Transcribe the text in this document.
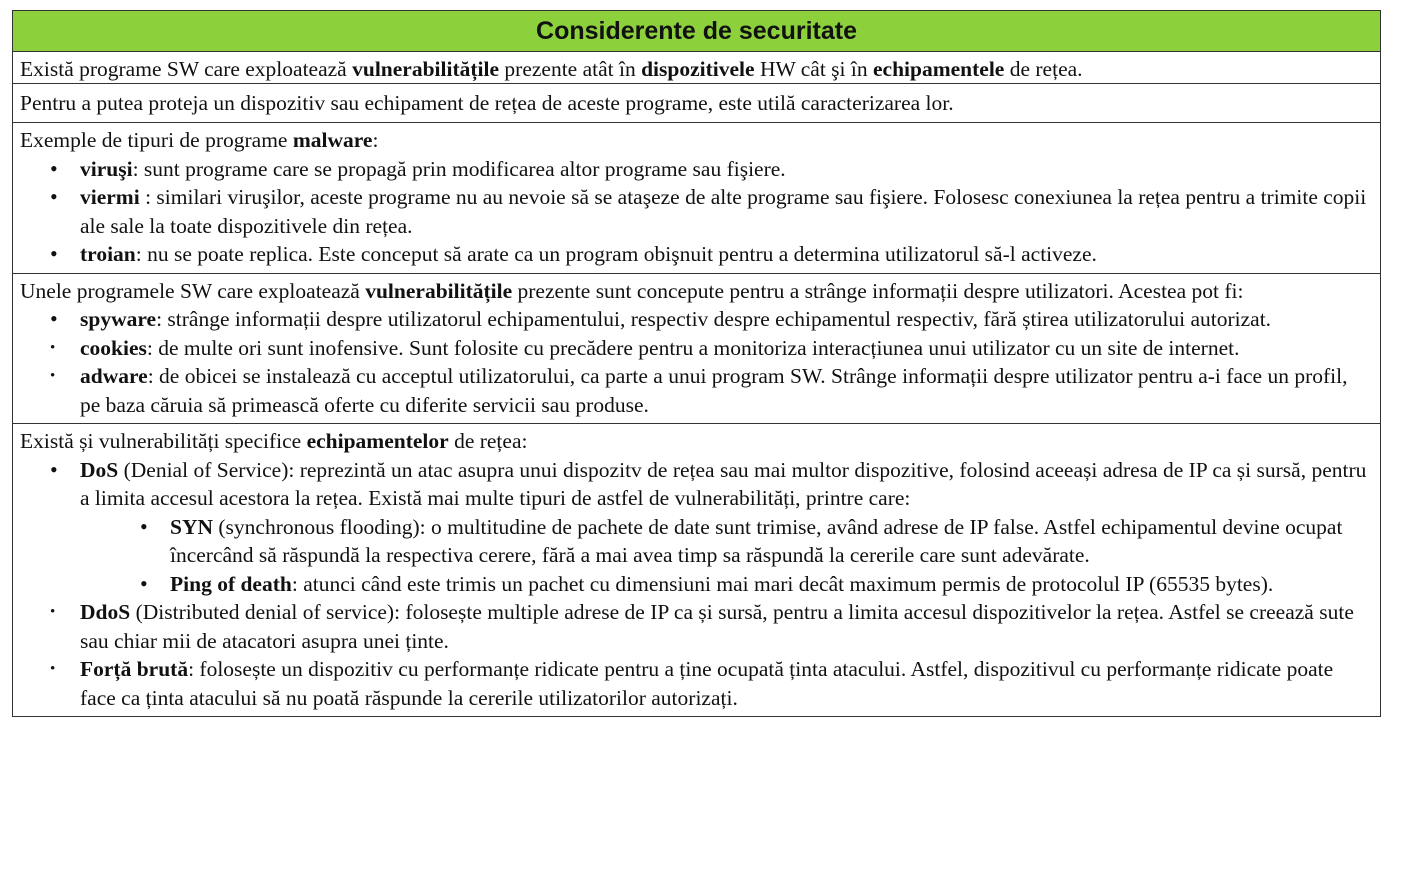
Considerente de securitate
Există programe SW care exploatează vulnerabilitățile prezente atât în dispozitivele HW cât şi în echipamentele de rețea.
Pentru a putea proteja un dispozitiv sau echipament de rețea de aceste programe, este utilă caracterizarea lor.
Exemple de tipuri de programe malware:
• viruşi: sunt programe care se propagă prin modificarea altor programe sau fişiere.
• viermi : similari viruşilor, aceste programe nu au nevoie să se ataşeze de alte programe sau fişiere. Folosesc conexiunea la rețea pentru a trimite copii ale sale la toate dispozitivele din rețea.
• troian: nu se poate replica. Este conceput să arate ca un program obişnuit pentru a determina utilizatorul să-l activeze.
Unele programele SW care exploatează vulnerabilitățile prezente sunt concepute pentru a strânge informații despre utilizatori. Acestea pot fi:
• spyware: strânge informații despre utilizatorul echipamentului, respectiv despre echipamentul respectiv, fără știrea utilizatorului autorizat.
• cookies: de multe ori sunt inofensive. Sunt folosite cu precădere pentru a monitoriza interacțiunea unui utilizator cu un site de internet.
• adware: de obicei se instalează cu acceptul utilizatorului, ca parte a unui program SW. Strânge informații despre utilizator pentru a-i face un profil, pe baza căruia să primească oferte cu diferite servicii sau produse.
Există și vulnerabilități specifice echipamentelor de rețea:
• DoS (Denial of Service): reprezintă un atac asupra unui dispozitv de rețea sau mai multor dispozitive, folosind aceeași adresa de IP ca și sursă, pentru a limita accesul acestora la rețea. Există mai multe tipuri de astfel de vulnerabilități, printre care:
• SYN (synchronous flooding): o multitudine de pachete de date sunt trimise, având adrese de IP false. Astfel echipamentul devine ocupat încercând să răspundă la respectiva cerere, fără a mai avea timp sa răspundă la cererile care sunt adevărate.
• Ping of death: atunci când este trimis un pachet cu dimensiuni mai mari decât maximum permis de protocolul IP (65535 bytes).
• DdoS (Distributed denial of service): folosește multiple adrese de IP ca și sursă, pentru a limita accesul dispozitivelor la rețea. Astfel se creează sute sau chiar mii de atacatori asupra unei ținte.
• Forță brută: folosește un dispozitiv cu performanțe ridicate pentru a ține ocupată ținta atacului. Astfel, dispozitivul cu performanțe ridicate poate face ca ținta atacului să nu poată răspunde la cererile utilizatorilor autorizați.
